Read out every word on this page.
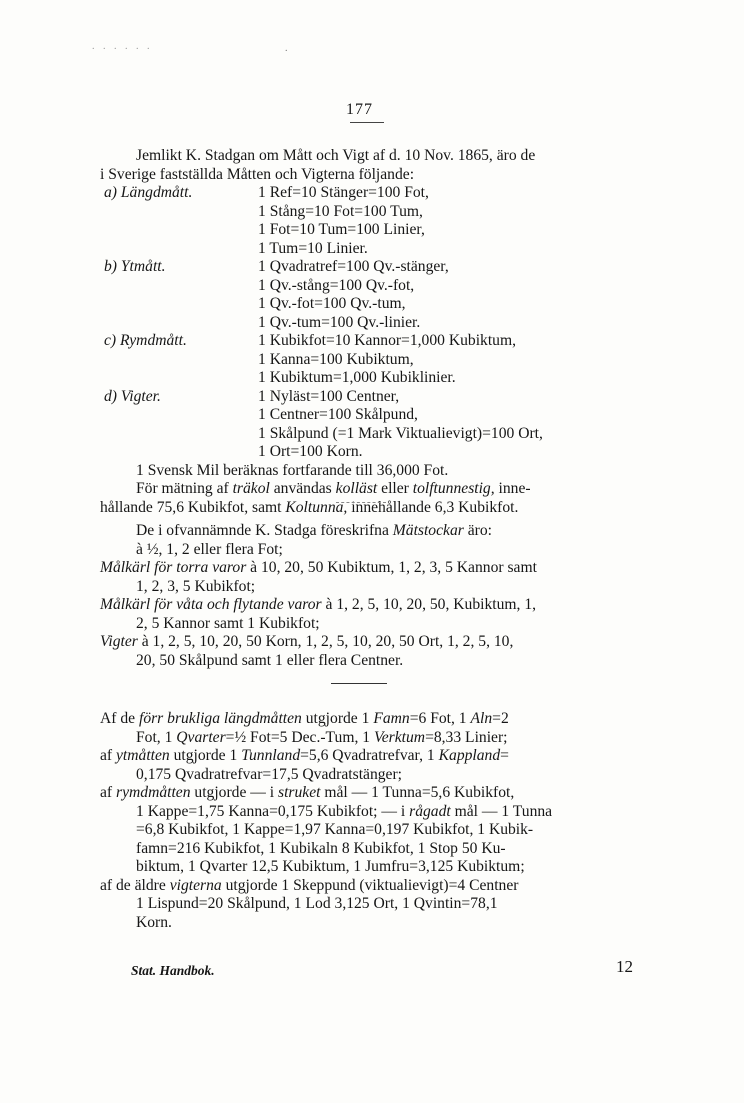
. . . . . .	.
177
Jemlikt K. Stadgan om Mått och Vigt af d. 10 Nov. 1865, äro de
i Sverige fastställda Måtten och Vigterna följande:
a) Längdmått.	1 Ref=10 Stänger=100 Fot,
1 Stång=10 Fot=100 Tum,
1 Fot=10 Tum=100 Linier,
1 Tum=10 Linier.
b) Ytmått.	1 Qvadratref=100 Qv.-stänger,
1 Qv.-stång=100 Qv.-fot,
1 Qv.-fot=100 Qv.-tum,
1 Qv.-tum=100 Qv.-linier.
c) Rymdmått.	1 Kubikfot=10 Kannor=1,000 Kubiktum,
1 Kanna=100 Kubiktum,
1 Kubiktum=1,000 Kubiklinier.
d) Vigter.	1 Nyläst=100 Centner,
1 Centner=100 Skålpund,
1 Skålpund (=1 Mark Viktualievigt)=100 Ort,
1 Ort=100 Korn.
1 Svensk Mil beräknas fortfarande till 36,000 Fot.
För mätning af träkol användas kolläst eller tolftunnestig, inne-
hållande 75,6 Kubikfot, samt Koltunna, innehållande 6,3 Kubikfot.
De i ofvannämnde K. Stadga föreskrifna Mätstockar äro:
à ½, 1, 2 eller flera Fot;
Målkärl för torra varor à 10, 20, 50 Kubiktum, 1, 2, 3, 5 Kannor samt
1, 2, 3, 5 Kubikfot;
Målkärl för våta och flytande varor à 1, 2, 5, 10, 20, 50, Kubiktum, 1,
2, 5 Kannor samt 1 Kubikfot;
Vigter à 1, 2, 5, 10, 20, 50 Korn, 1, 2, 5, 10, 20, 50 Ort, 1, 2, 5, 10,
20, 50 Skålpund samt 1 eller flera Centner.
Af de förr brukliga längdmåtten utgjorde 1 Famn=6 Fot, 1 Aln=2
Fot, 1 Qvarter=½ Fot=5 Dec.-Tum, 1 Verktum=8,33 Linier;
af ytmåtten utgjorde 1 Tunnland=5,6 Qvadratrefvar, 1 Kappland=
0,175 Qvadratrefvar=17,5 Qvadratstänger;
af rymdmåtten utgjorde — i struket mål — 1 Tunna=5,6 Kubikfot,
1 Kappe=1,75 Kanna=0,175 Kubikfot; — i rågadt mål — 1 Tunna
=6,8 Kubikfot, 1 Kappe=1,97 Kanna=0,197 Kubikfot, 1 Kubik-
famn=216 Kubikfot, 1 Kubikaln 8 Kubikfot, 1 Stop 50 Ku-
biktum, 1 Qvarter 12,5 Kubiktum, 1 Jumfru=3,125 Kubiktum;
af de äldre vigterna utgjorde 1 Skeppund (viktualievigt)=4 Centner
1 Lispund=20 Skålpund, 1 Lod 3,125 Ort, 1 Qvintin=78,1
Korn.
Stat. Handbok.	12
